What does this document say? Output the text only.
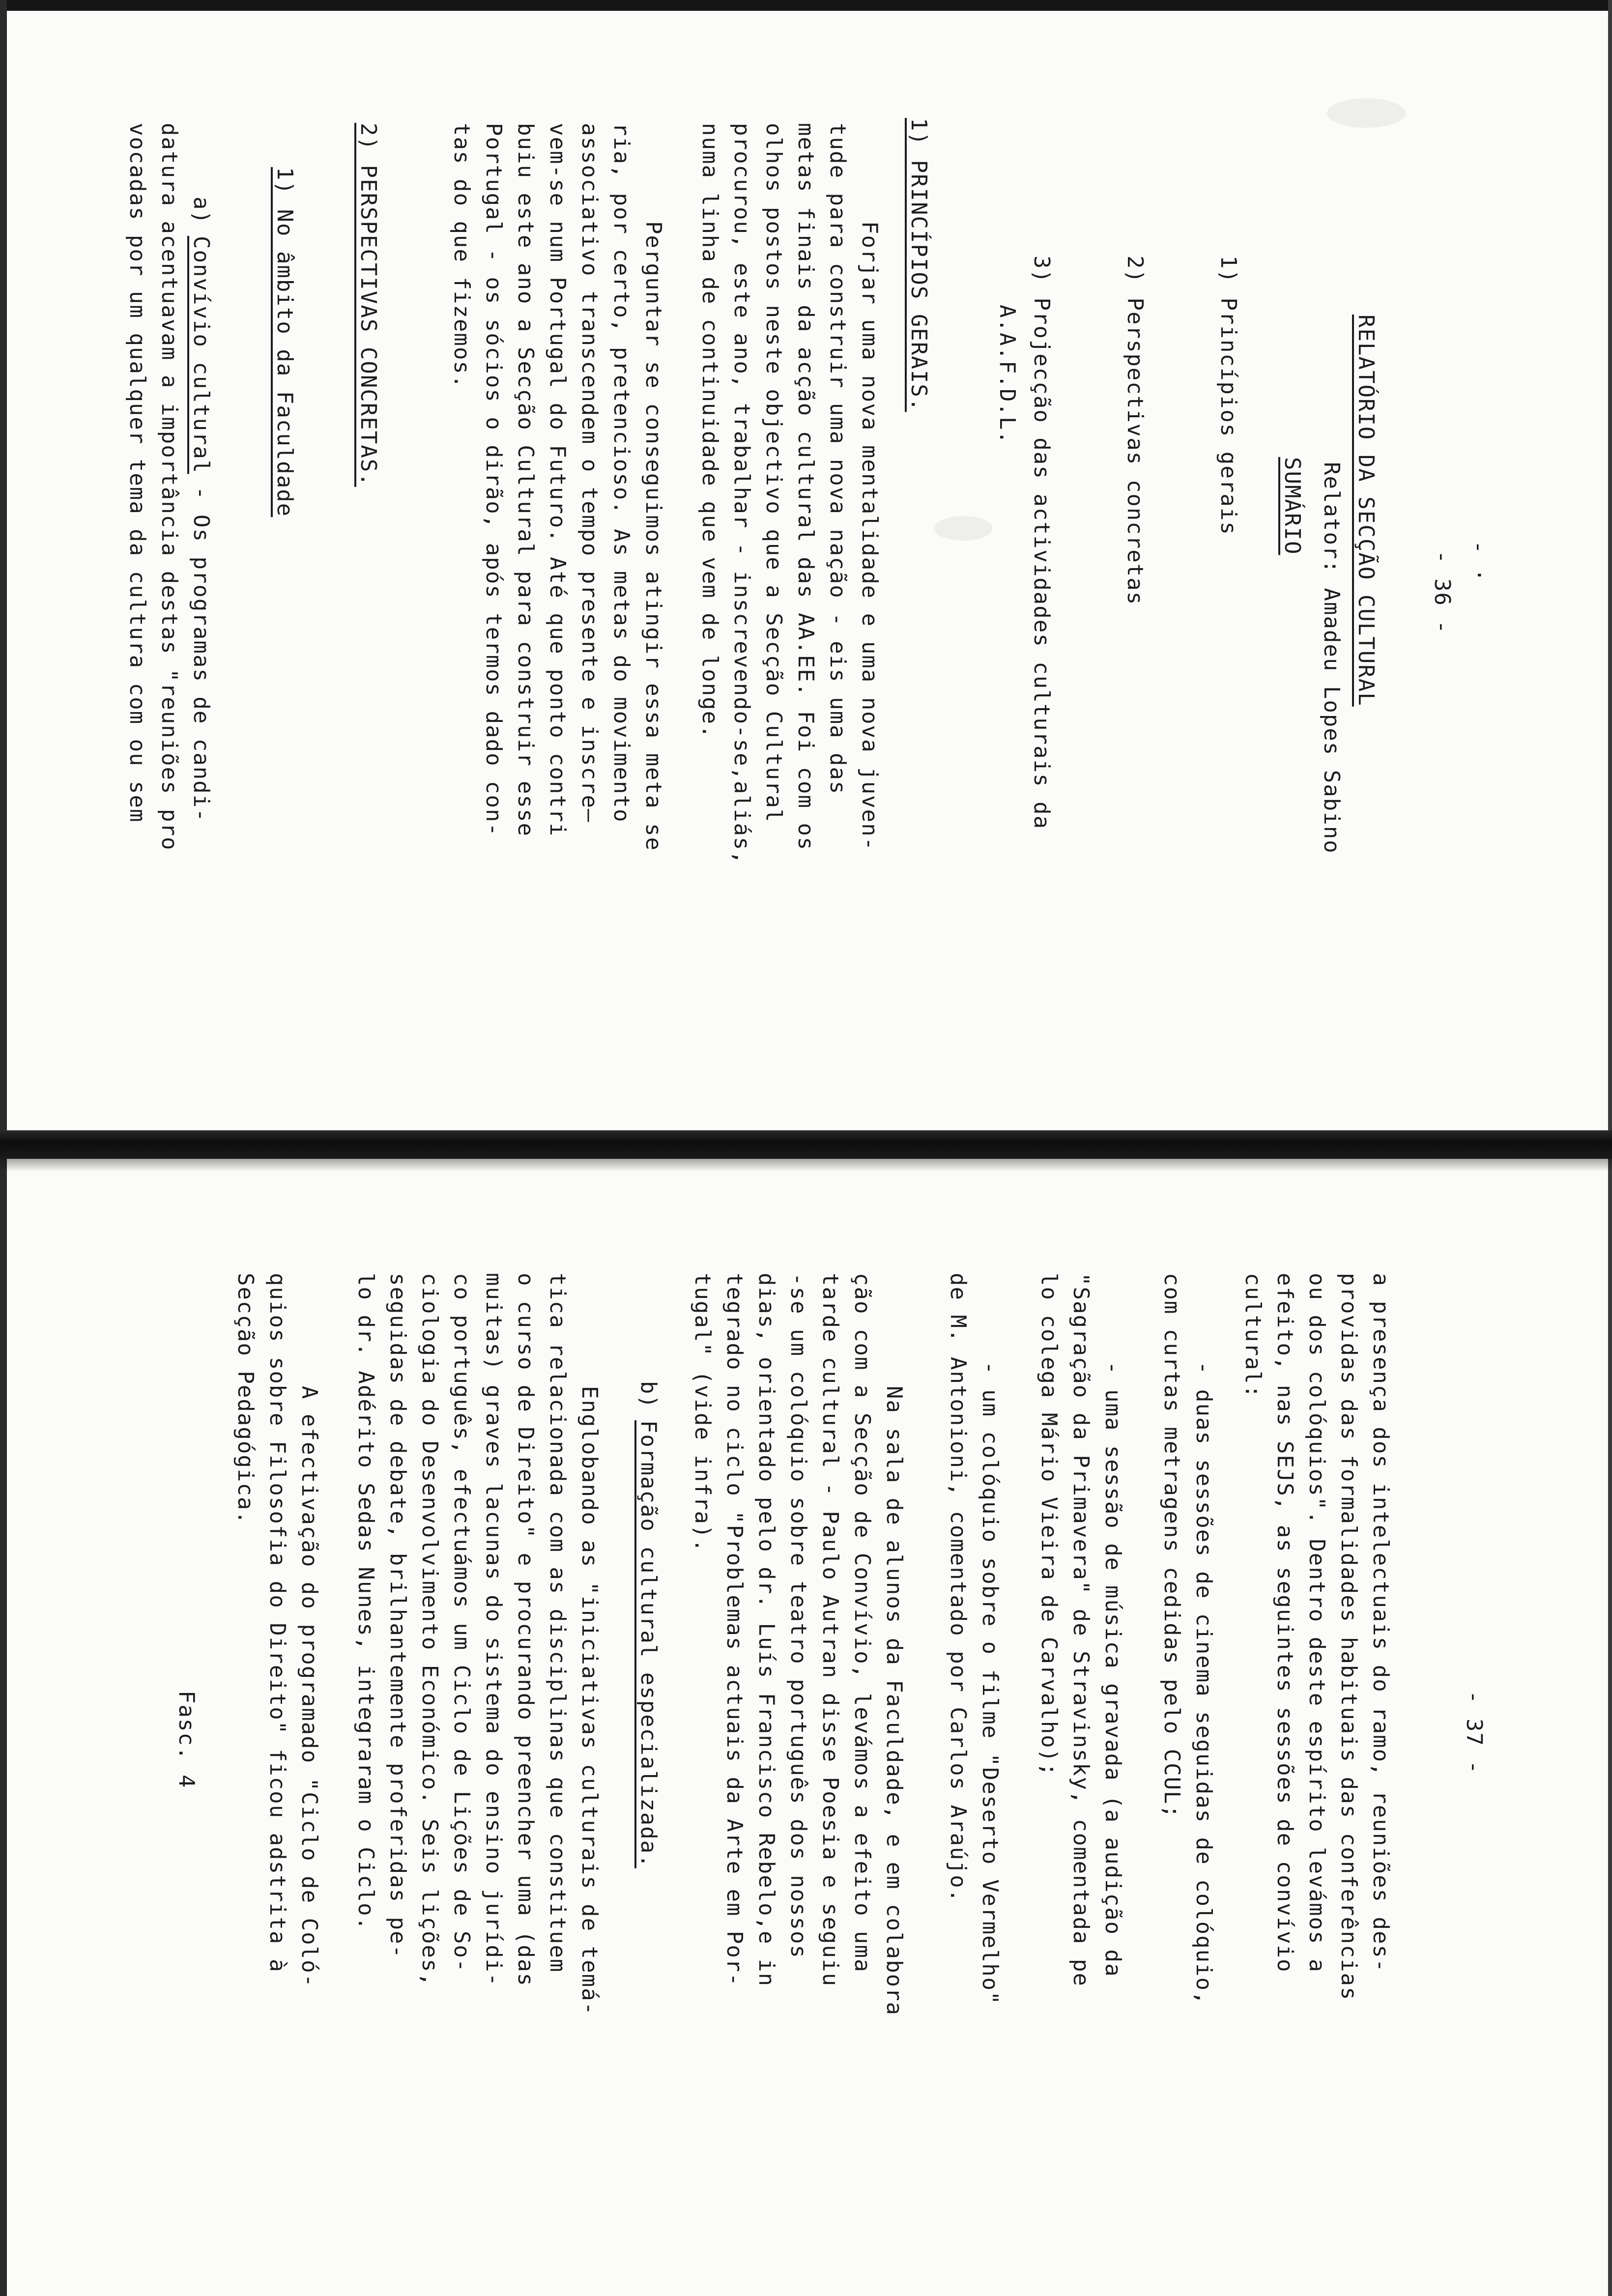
- ·
- 36 -
RELATÓRIO DA SECÇÃO CULTURAL
Relator: Amadeu Lopes Sabino
SUMÁRIO
1) Princípios gerais
2) Perspectivas concretas
3) Projecção das actividades culturais da
A.A.F.D.L.
1) PRINCÍPIOS GERAIS.
Forjar uma nova mentalidade e uma nova juven-
tude para construir uma nova nação - eis uma das
metas finais da acção cultural das AA.EE. Foi com os
olhos postos neste objectivo que a Secção Cultural
procurou, este ano, trabalhar - inscrevendo-se,aliás,
numa linha de continuidade que vem de longe.
Perguntar se conseguimos atingir essa meta se
ria, por certo, pretencioso. As metas do movimento
associativo transcendem o tempo presente e inscre—
vem-se num Portugal do Futuro. Até que ponto contri
buiu este ano a Secção Cultural para construir esse
Portugal - os sócios o dirão, após termos dado con-
tas do que fizemos.
2) PERSPECTIVAS CONCRETAS.
1) No âmbito da Faculdade
a)
Convívio cultural
- Os programas de candi-
datura acentuavam a importância destas "reuniões pro
vocadas por um qualquer tema da cultura com ou sem
- 37 -
a presença dos intelectuais do ramo, reuniões des-
providas das formalidades habituais das conferências
ou dos colóquios". Dentro deste espírito levámos a
efeito, nas SEJS, as seguintes sessões de convívio
cultural:
- duas sessões de cinema seguidas de colóquio,
com curtas metragens cedidas pelo CCUL;
- uma sessão de música gravada (a audição da
"Sagração da Primavera" de Stravinsky, comentada pe
lo colega Mário Vieira de Carvalho);
- um colóquio sobre o filme "Deserto Vermelho"
de M. Antonioni, comentado por Carlos Araújo.
Na sala de alunos da Faculdade, e em colabora
ção com a Secção de Convívio, levámos a efeito uma
tarde cultural - Paulo Autran disse Poesia e seguiu
-se um colóquio sobre teatro português dos nossos
dias, orientado pelo dr. Luís Francisco Rebelo,e in
tegrado no ciclo "Problemas actuais da Arte em Por-
tugal" (vide infra).
b)
Formação cultural especializada.
Englobando as "iniciativas culturais de temá-
tica relacionada com as disciplinas que constituem
o curso de Direito" e procurando preencher uma (das
muitas) graves lacunas do sistema do ensino jurídi-
co português, efectuámos um Ciclo de Lições de So-
ciologia do Desenvolvimento Económico. Seis lições,
seguidas de debate, brilhantemente proferidas pe-
lo dr. Adérito Sedas Nunes, integraram o Ciclo.
A efectivação do programado "Ciclo de Coló-
quios sobre Filosofia do Direito" ficou adstrita à
Secção Pedagógica.
Fasc. 4
